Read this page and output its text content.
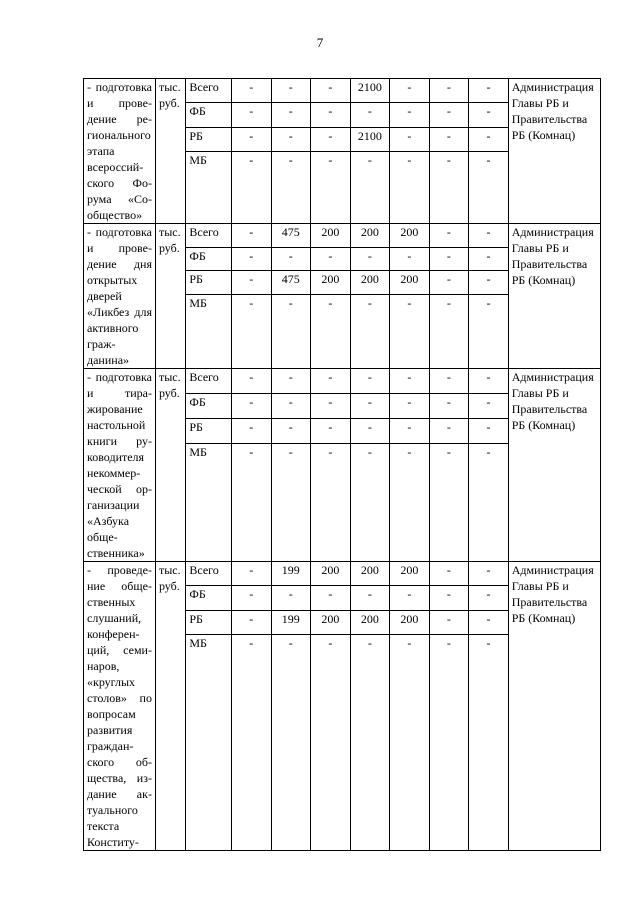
7
- подготовка и проведение регионального этапа всероссийского Форума «Сообщество»	тыс. руб.	Всего	-	-	-	2100	-	-	-	Администрация Главы РБ и Правительства РБ (Комнац)
		ФБ	-	-	-	-	-	-	-	
		РБ	-	-	-	2100	-	-	-	
		МБ	-	-	-	-	-	-	-	
- подготовка и проведение дня открытых дверей «Ликбез для активного гражданина»	тыс. руб.	Всего	-	475	200	200	200	-	-	Администрация Главы РБ и Правительства РБ (Комнац)
		ФБ	-	-	-	-	-	-	-	
		РБ	-	475	200	200	200	-	-	
		МБ	-	-	-	-	-	-	-	
- подготовка и тиражирование настольной книги руководителя некоммерческой организации «Азбука общественника»	тыс. руб.	Всего	-	-	-	-	-	-	-	Администрация Главы РБ и Правительства РБ (Комнац)
		ФБ	-	-	-	-	-	-	-	
		РБ	-	-	-	-	-	-	-	
		МБ	-	-	-	-	-	-	-	
- проведение общественных слушаний, конференций, семинаров, «круглых столов» по вопросам развития гражданского общества, издание актуального текста Конститу-	тыс. руб.	Всего	-	199	200	200	200	-	-	Администрация Главы РБ и Правительства РБ (Комнац)
		ФБ	-	-	-	-	-	-	-	
		РБ	-	199	200	200	200	-	-	
		МБ	-	-	-	-	-	-	-	
